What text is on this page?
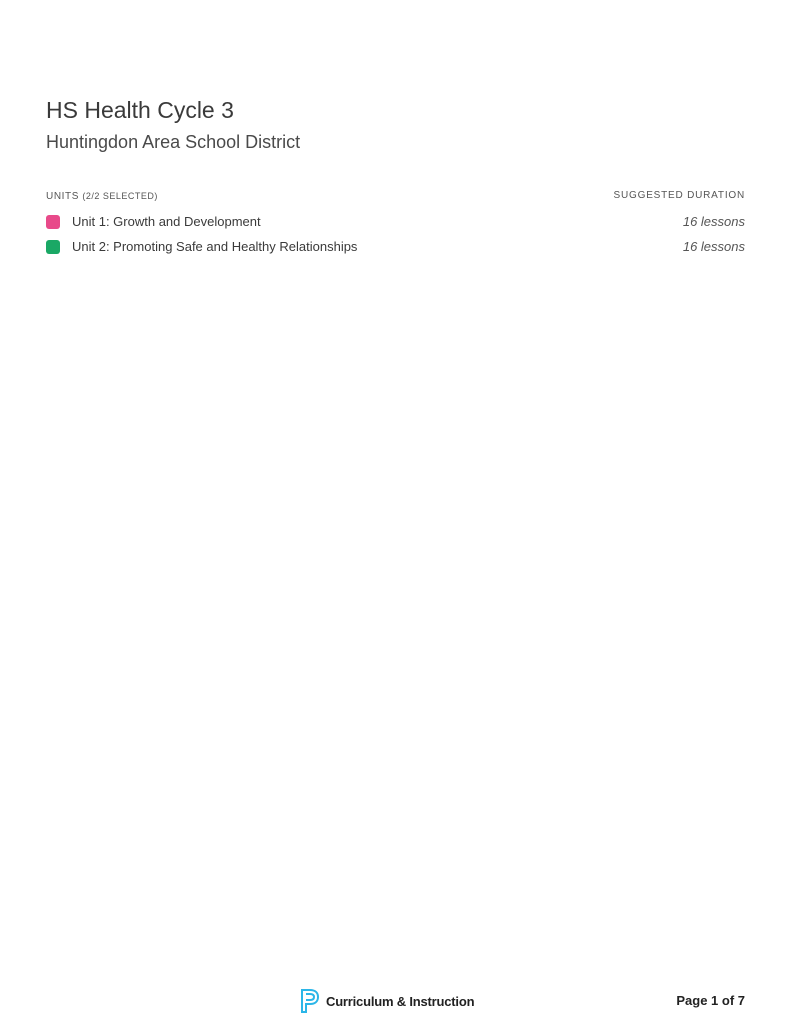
HS Health Cycle 3
Huntingdon Area School District
UNITS (2/2 SELECTED)	SUGGESTED DURATION
Unit 1: Growth and Development	16 lessons
Unit 2: Promoting Safe and Healthy Relationships	16 lessons
Curriculum & Instruction	Page 1 of 7
